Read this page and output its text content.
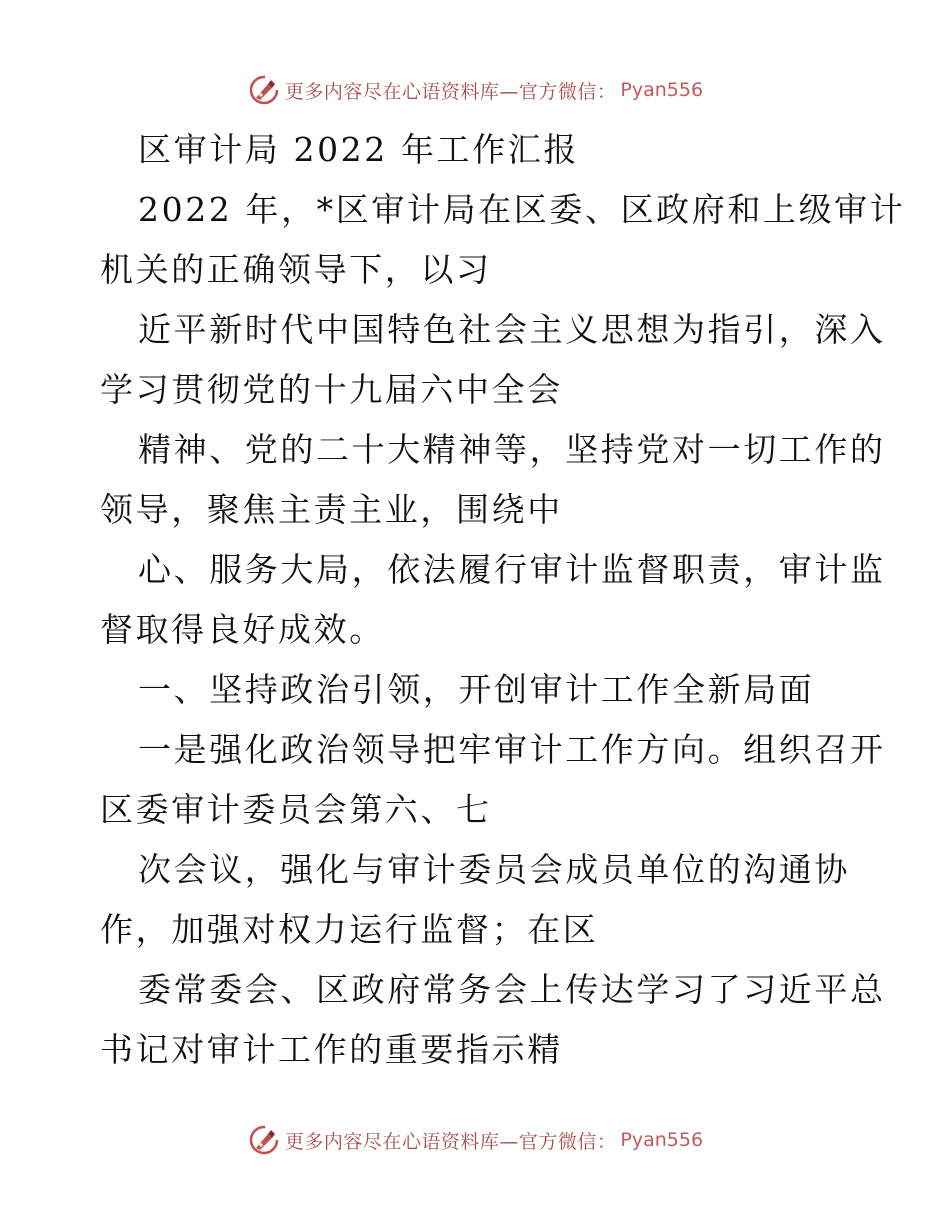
更多内容尽在心语资料库—官方微信： Pyan556
区审计局 2022 年工作汇报
2022 年，*区审计局在区委、区政府和上级审计
机关的正确领导下，以习
近平新时代中国特色社会主义思想为指引，深入
学习贯彻党的十九届六中全会
精神、党的二十大精神等，坚持党对一切工作的
领导，聚焦主责主业，围绕中
心、服务大局，依法履行审计监督职责，审计监
督取得良好成效。
一、坚持政治引领，开创审计工作全新局面
一是强化政治领导把牢审计工作方向。组织召开
区委审计委员会第六、七
次会议，强化与审计委员会成员单位的沟通协
作，加强对权力运行监督；在区
委常委会、区政府常务会上传达学习了习近平总
书记对审计工作的重要指示精
更多内容尽在心语资料库—官方微信： Pyan556
